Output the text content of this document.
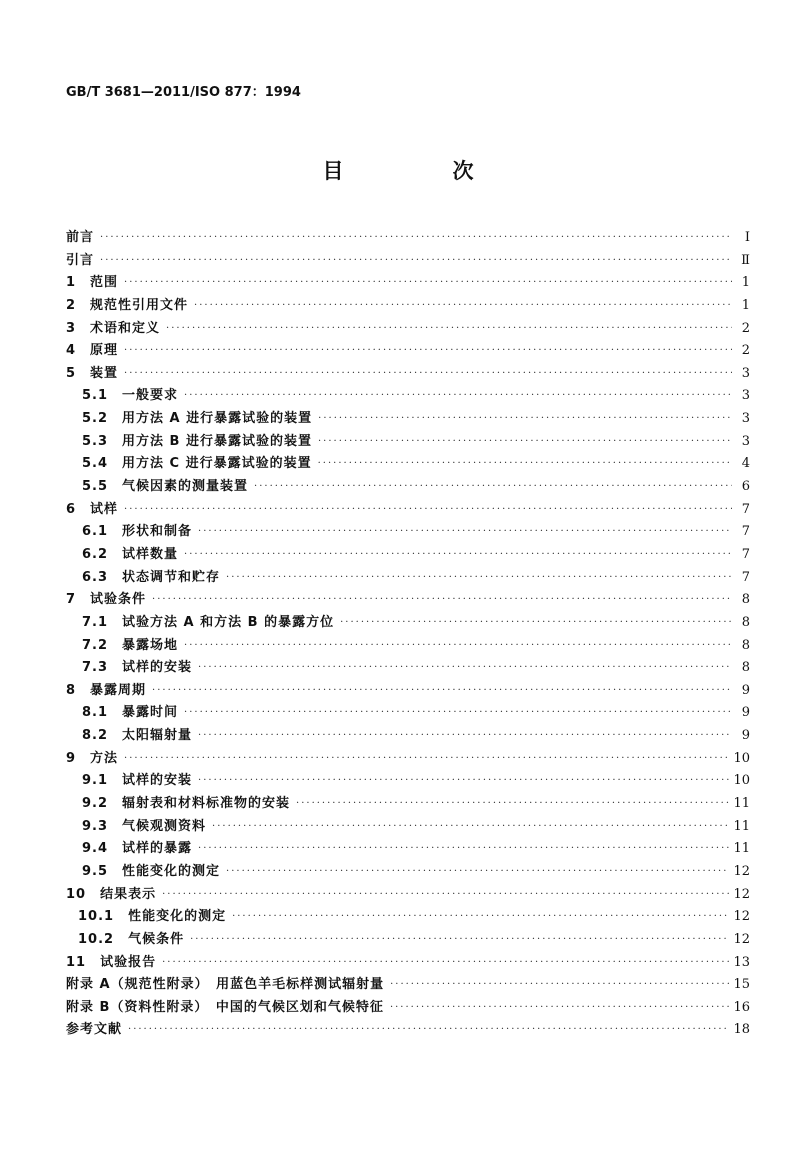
GB/T 3681—2011/ISO 877：1994
目　次
前言 ·····	Ⅰ
引言 ·····	Ⅱ
1　范围 ·····	1
2　规范性引用文件 ·····	1
3　术语和定义 ·····	2
4　原理 ·····	2
5　装置 ·····	3
5.1　一般要求 ·····	3
5.2　用方法 A 进行暴露试验的装置 ·····	3
5.3　用方法 B 进行暴露试验的装置 ·····	3
5.4　用方法 C 进行暴露试验的装置 ·····	4
5.5　气候因素的测量装置 ·····	6
6　试样 ·····	7
6.1　形状和制备 ·····	7
6.2　试样数量 ·····	7
6.3　状态调节和贮存 ·····	7
7　试验条件 ·····	8
7.1　试验方法 A 和方法 B 的暴露方位 ·····	8
7.2　暴露场地 ·····	8
7.3　试样的安装 ·····	8
8　暴露周期 ·····	9
8.1　暴露时间 ·····	9
8.2　太阳辐射量 ·····	9
9　方法 ·····	10
9.1　试样的安装 ·····	10
9.2　辐射表和材料标准物的安装 ·····	11
9.3　气候观测资料 ·····	11
9.4　试样的暴露 ·····	11
9.5　性能变化的测定 ·····	12
10　结果表示 ·····	12
10.1　性能变化的测定 ·····	12
10.2　气候条件 ·····	12
11　试验报告 ·····	13
附录 A（规范性附录）　用蓝色羊毛标样测试辐射量 ·····	15
附录 B（资料性附录）　中国的气候区划和气候特征 ·····	16
参考文献 ·····	18
